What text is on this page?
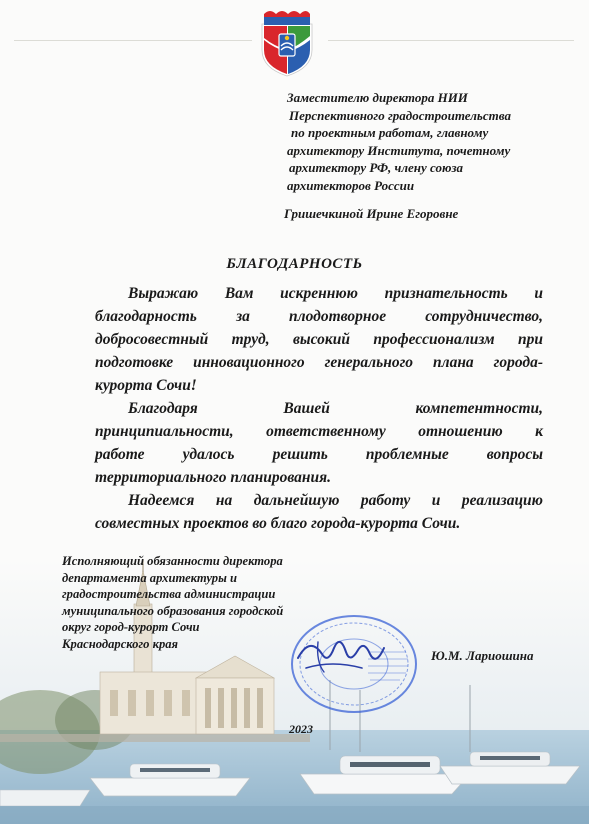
Заместителю директора НИИ
Перспективного градостроительства
по проектным работам, главному
архитектору Института, почетному
архитектору РФ, члену союза
архитекторов России
Гришечкиной Ирине Егоровне
БЛАГОДАРНОСТЬ
Выражаю Вам искреннюю признательность и
благодарность за плодотворное сотрудничество,
добросовестный труд, высокий профессионализм при
подготовке инновационного генерального плана города-
курорта Сочи!
Благодаря Вашей компетентности,
принципиальности, ответственному отношению к
работе удалось решить проблемные вопросы
территориального планирования.
Надеемся на дальнейшую работу и реализацию
совместных проектов во благо города-курорта Сочи.
Исполняющий обязанности директора
департамента архитектуры и
градостроительства администрации
муниципального образования городской
округ город-курорт Сочи
Краснодарского края
Ю.М. Лариошина
2023
